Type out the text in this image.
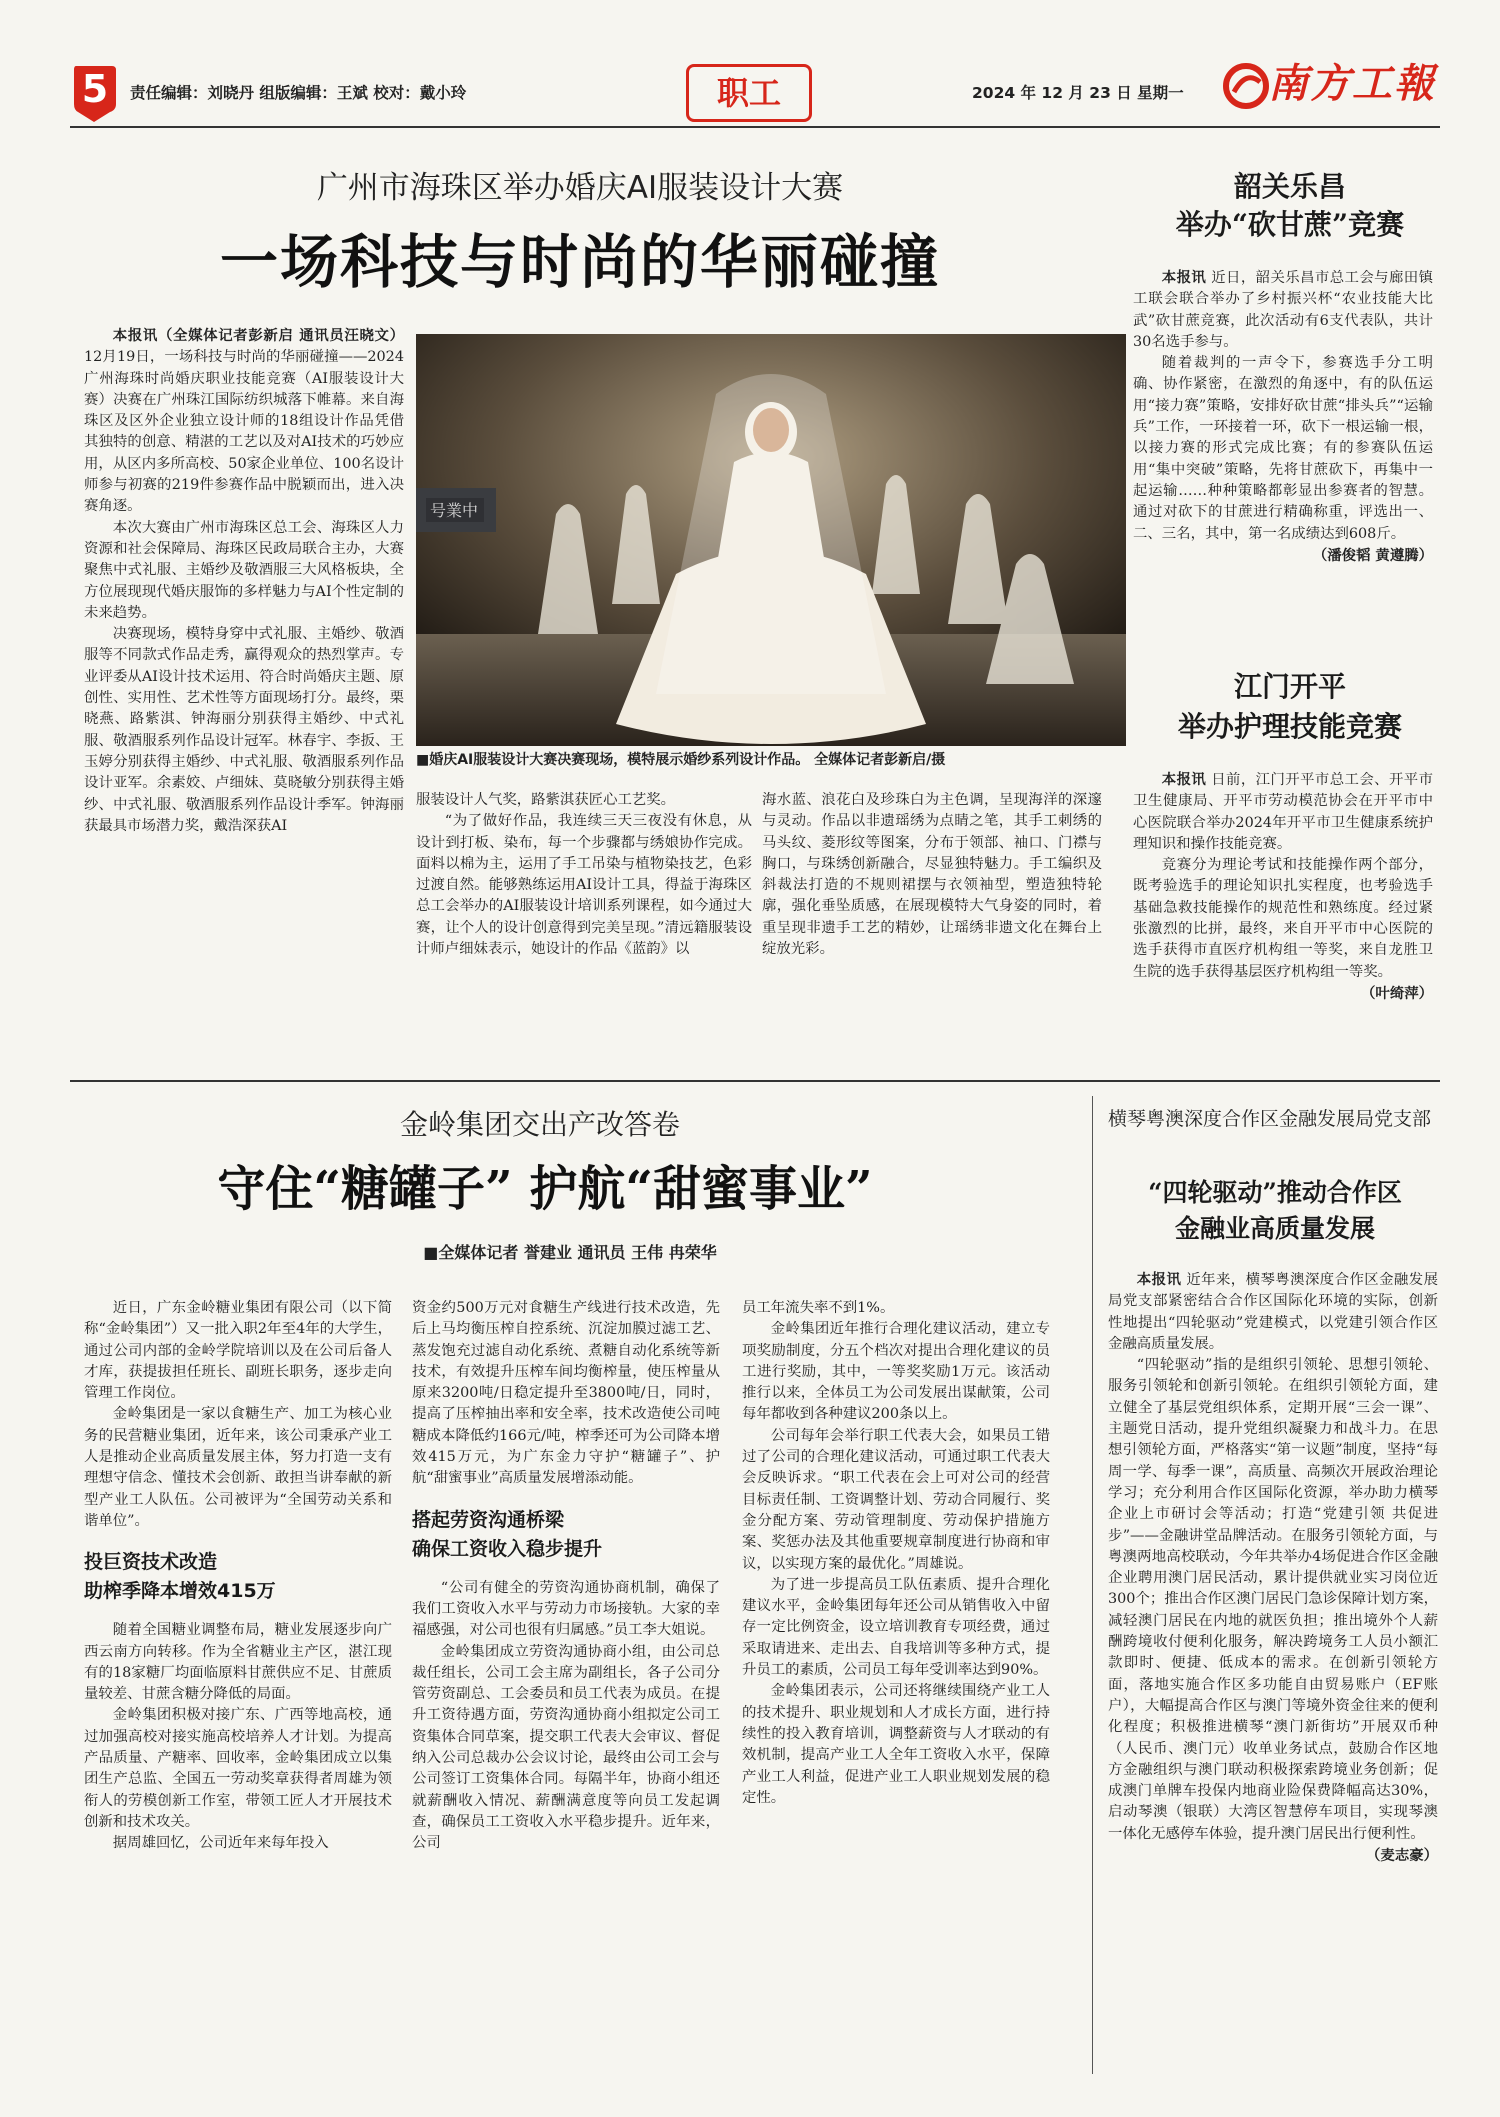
5	责任编辑：刘晓丹 组版编辑：王斌 校对：戴小玲	职工	2024 年 12 月 23 日 星期一	南方工報
广州市海珠区举办婚庆AI服装设计大赛
一场科技与时尚的华丽碰撞

本报讯（全媒体记者彭新启 通讯员汪晓文）12月19日，一场科技与时尚的华丽碰撞——2024广州海珠时尚婚庆职业技能竞赛（AI服装设计大赛）决赛在广州珠江国际纺织城落下帷幕。来自海珠区及区外企业独立设计师的18组设计作品凭借其独特的创意、精湛的工艺以及对AI技术的巧妙应用，从区内多所高校、50家企业单位、100名设计师参与初赛的219件参赛作品中脱颖而出，进入决赛角逐。

本次大赛由广州市海珠区总工会、海珠区人力资源和社会保障局、海珠区民政局联合主办，大赛聚焦中式礼服、主婚纱及敬酒服三大风格板块，全方位展现现代婚庆服饰的多样魅力与AI个性定制的未来趋势。

决赛现场，模特身穿中式礼服、主婚纱、敬酒服等不同款式作品走秀，赢得观众的热烈掌声。专业评委从AI设计技术运用、符合时尚婚庆主题、原创性、实用性、艺术性等方面现场打分。最终，栗晓燕、路紫淇、钟海丽分别获得主婚纱、中式礼服、敬酒服系列作品设计冠军。林春宇、李扳、王玉婷分别获得主婚纱、中式礼服、敬酒服系列作品设计亚军。余素姣、卢细妹、莫晓敏分别获得主婚纱、中式礼服、敬酒服系列作品设计季军。钟海丽获最具市场潜力奖，戴浩深获AI

号業中
■婚庆AI服装设计大赛决赛现场，模特展示婚纱系列设计作品。 全媒体记者彭新启/摄

服装设计人气奖，路紫淇获匠心工艺奖。

“为了做好作品，我连续三天三夜没有休息，从设计到打板、染布，每一个步骤都与绣娘协作完成。面料以棉为主，运用了手工吊染与植物染技艺，色彩过渡自然。能够熟练运用AI设计工具，得益于海珠区总工会举办的AI服装设计培训系列课程，如今通过大赛，让个人的设计创意得到完美呈现。”清远籍服装设计师卢细妹表示，她设计的作品《蓝韵》以

海水蓝、浪花白及珍珠白为主色调，呈现海洋的深邃与灵动。作品以非遗瑶绣为点睛之笔，其手工刺绣的马头纹、菱形纹等图案，分布于领部、袖口、门襟与胸口，与珠绣创新融合，尽显独特魅力。手工编织及斜裁法打造的不规则裙摆与衣领袖型，塑造独特轮廓，强化垂坠质感，在展现模特大气身姿的同时，着重呈现非遗手工艺的精妙，让瑶绣非遗文化在舞台上绽放光彩。

韶关乐昌
举办“砍甘蔗”竞赛

本报讯 近日，韶关乐昌市总工会与廊田镇工联会联合举办了乡村振兴杯“农业技能大比武”砍甘蔗竞赛，此次活动有6支代表队，共计30名选手参与。

随着裁判的一声令下，参赛选手分工明确、协作紧密，在激烈的角逐中，有的队伍运用“接力赛”策略，安排好砍甘蔗“排头兵”“运输兵”工作，一环接着一环，砍下一根运输一根，以接力赛的形式完成比赛；有的参赛队伍运用“集中突破”策略，先将甘蔗砍下，再集中一起运输……种种策略都彰显出参赛者的智慧。通过对砍下的甘蔗进行精确称重，评选出一、二、三名，其中，第一名成绩达到608斤。

（潘俊韬 黄遵腾）

江门开平
举办护理技能竞赛

本报讯 日前，江门开平市总工会、开平市卫生健康局、开平市劳动模范协会在开平市中心医院联合举办2024年开平市卫生健康系统护理知识和操作技能竞赛。

竞赛分为理论考试和技能操作两个部分，既考验选手的理论知识扎实程度，也考验选手基础急救技能操作的规范性和熟练度。经过紧张激烈的比拼，最终，来自开平市中心医院的选手获得市直医疗机构组一等奖，来自龙胜卫生院的选手获得基层医疗机构组一等奖。

（叶绮萍）

金岭集团交出产改答卷
守住“糖罐子” 护航“甜蜜事业”
■全媒体记者 誉建业 通讯员 王伟 冉荣华

近日，广东金岭糖业集团有限公司（以下简称“金岭集团”）又一批入职2年至4年的大学生，通过公司内部的金岭学院培训以及在公司后备人才库，获提拔担任班长、副班长职务，逐步走向管理工作岗位。

金岭集团是一家以食糖生产、加工为核心业务的民营糖业集团，近年来，该公司秉承产业工人是推动企业高质量发展主体，努力打造一支有理想守信念、懂技术会创新、敢担当讲奉献的新型产业工人队伍。公司被评为“全国劳动关系和谐单位”。

投巨资技术改造

助榨季降本增效415万

随着全国糖业调整布局，糖业发展逐步向广西云南方向转移。作为全省糖业主产区，湛江现有的18家糖厂均面临原料甘蔗供应不足、甘蔗质量较差、甘蔗含糖分降低的局面。

金岭集团积极对接广东、广西等地高校，通过加强高校对接实施高校培养人才计划。为提高产品质量、产糖率、回收率，金岭集团成立以集团生产总监、全国五一劳动奖章获得者周雄为领衔人的劳模创新工作室，带领工匠人才开展技术创新和技术攻关。

据周雄回忆，公司近年来每年投入

资金约500万元对食糖生产线进行技术改造，先后上马均衡压榨自控系统、沉淀加膜过滤工艺、蒸发饱充过滤自动化系统、煮糖自动化系统等新技术，有效提升压榨车间均衡榨量，使压榨量从原来3200吨/日稳定提升至3800吨/日，同时，提高了压榨抽出率和安全率，技术改造使公司吨糖成本降低约166元/吨，榨季还可为公司降本增效415万元，为广东金力守护“糖罐子”、护航“甜蜜事业”高质量发展增添动能。

搭起劳资沟通桥梁

确保工资收入稳步提升

“公司有健全的劳资沟通协商机制，确保了我们工资收入水平与劳动力市场接轨。大家的幸福感强，对公司也很有归属感。”员工李大姐说。

金岭集团成立劳资沟通协商小组，由公司总裁任组长，公司工会主席为副组长，各子公司分管劳资副总、工会委员和员工代表为成员。在提升工资待遇方面，劳资沟通协商小组拟定公司工资集体合同草案，提交职工代表大会审议、督促纳入公司总裁办公会议讨论，最终由公司工会与公司签订工资集体合同。每隔半年，协商小组还就薪酬收入情况、薪酬满意度等向员工发起调查，确保员工工资收入水平稳步提升。近年来，公司

员工年流失率不到1%。

金岭集团近年推行合理化建议活动，建立专项奖励制度，分五个档次对提出合理化建议的员工进行奖励，其中，一等奖奖励1万元。该活动推行以来，全体员工为公司发展出谋献策，公司每年都收到各种建议200条以上。

公司每年会举行职工代表大会，如果员工错过了公司的合理化建议活动，可通过职工代表大会反映诉求。“职工代表在会上可对公司的经营目标责任制、工资调整计划、劳动合同履行、奖金分配方案、劳动管理制度、劳动保护措施方案、奖惩办法及其他重要规章制度进行协商和审议，以实现方案的最优化。”周雄说。

为了进一步提高员工队伍素质、提升合理化建议水平，金岭集团每年还公司从销售收入中留存一定比例资金，设立培训教育专项经费，通过采取请进来、走出去、自我培训等多种方式，提升员工的素质，公司员工每年受训率达到90%。

金岭集团表示，公司还将继续围绕产业工人的技术提升、职业规划和人才成长方面，进行持续性的投入教育培训，调整薪资与人才联动的有效机制，提高产业工人全年工资收入水平，保障产业工人利益，促进产业工人职业规划发展的稳定性。

横琴粤澳深度合作区金融发展局党支部
“四轮驱动”推动合作区
金融业高质量发展

本报讯 近年来，横琴粤澳深度合作区金融发展局党支部紧密结合合作区国际化环境的实际，创新性地提出“四轮驱动”党建模式，以党建引领合作区金融高质量发展。

“四轮驱动”指的是组织引领轮、思想引领轮、服务引领轮和创新引领轮。在组织引领轮方面，建立健全了基层党组织体系，定期开展“三会一课”、主题党日活动，提升党组织凝聚力和战斗力。在思想引领轮方面，严格落实“第一议题”制度，坚持“每周一学、每季一课”，高质量、高频次开展政治理论学习；充分利用合作区国际化资源，举办助力横琴企业上市研讨会等活动；打造“党建引领 共促进步”——金融讲堂品牌活动。在服务引领轮方面，与粤澳两地高校联动，今年共举办4场促进合作区金融企业聘用澳门居民活动，累计提供就业实习岗位近300个；推出合作区澳门居民门急诊保障计划方案，减轻澳门居民在内地的就医负担；推出境外个人薪酬跨境收付便利化服务，解决跨境务工人员小额汇款即时、便捷、低成本的需求。在创新引领轮方面，落地实施合作区多功能自由贸易账户（EF账户），大幅提高合作区与澳门等境外资金往来的便利化程度；积极推进横琴“澳门新街坊”开展双币种（人民币、澳门元）收单业务试点，鼓励合作区地方金融组织与澳门联动积极探索跨境业务创新；促成澳门单牌车投保内地商业险保费降幅高达30%，启动琴澳（银联）大湾区智慧停车项目，实现琴澳一体化无感停车体验，提升澳门居民出行便利性。

（麦志豪）
